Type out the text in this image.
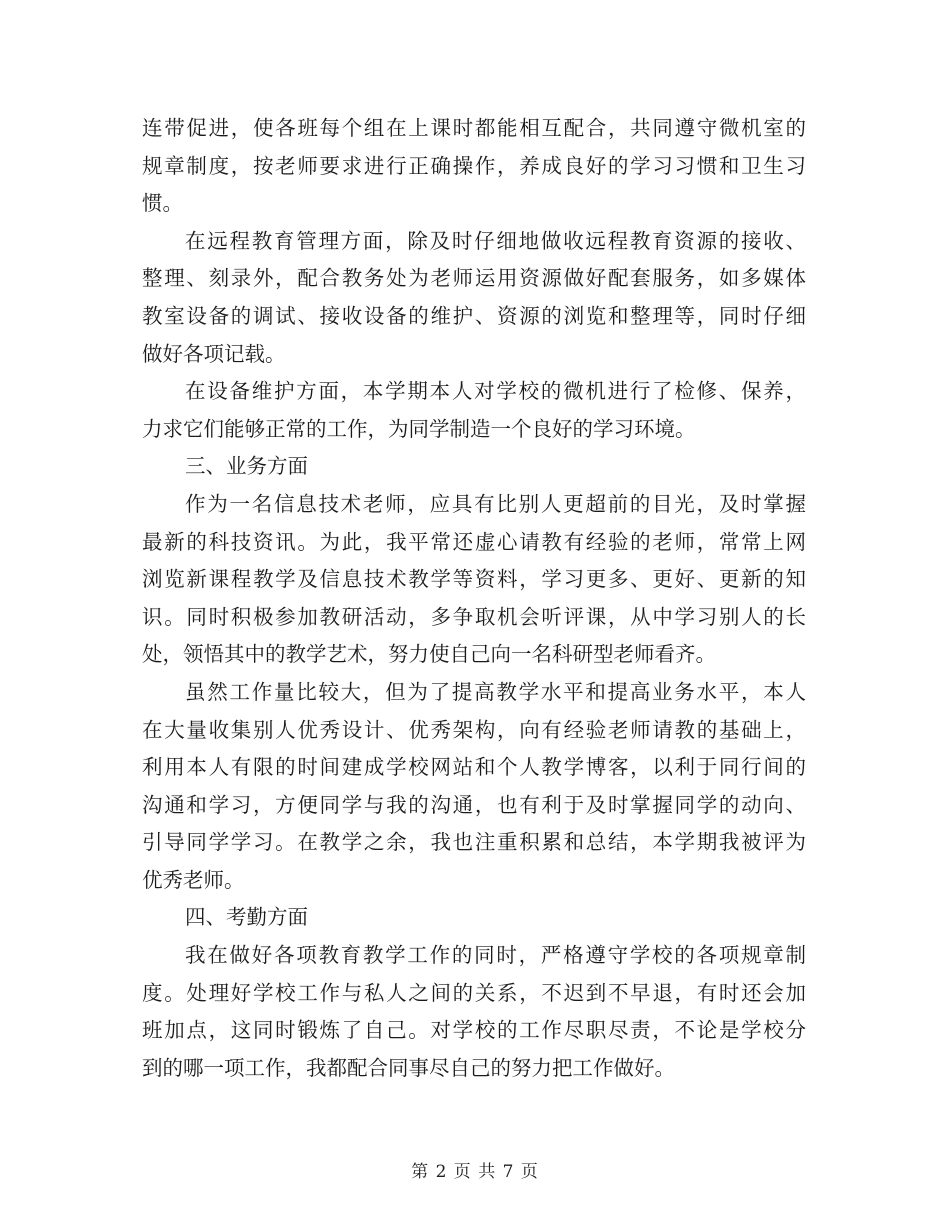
连带促进，使各班每个组在上课时都能相互配合，共同遵守微机室的
规章制度，按老师要求进行正确操作，养成良好的学习习惯和卫生习
惯。
在远程教育管理方面，除及时仔细地做收远程教育资源的接收、
整理、刻录外，配合教务处为老师运用资源做好配套服务，如多媒体
教室设备的调试、接收设备的维护、资源的浏览和整理等，同时仔细
做好各项记载。
在设备维护方面，本学期本人对学校的微机进行了检修、保养，
力求它们能够正常的工作，为同学制造一个良好的学习环境。
三、业务方面
作为一名信息技术老师，应具有比别人更超前的目光，及时掌握
最新的科技资讯。为此，我平常还虚心请教有经验的老师，常常上网
浏览新课程教学及信息技术教学等资料，学习更多、更好、更新的知
识。同时积极参加教研活动，多争取机会听评课，从中学习别人的长
处，领悟其中的教学艺术，努力使自己向一名科研型老师看齐。
虽然工作量比较大，但为了提高教学水平和提高业务水平，本人
在大量收集别人优秀设计、优秀架构，向有经验老师请教的基础上，
利用本人有限的时间建成学校网站和个人教学博客，以利于同行间的
沟通和学习，方便同学与我的沟通，也有利于及时掌握同学的动向、
引导同学学习。在教学之余，我也注重积累和总结，本学期我被评为
优秀老师。
四、考勤方面
我在做好各项教育教学工作的同时，严格遵守学校的各项规章制
度。处理好学校工作与私人之间的关系，不迟到不早退，有时还会加
班加点，这同时锻炼了自己。对学校的工作尽职尽责，不论是学校分
到的哪一项工作，我都配合同事尽自己的努力把工作做好。
第 2 页 共 7 页
